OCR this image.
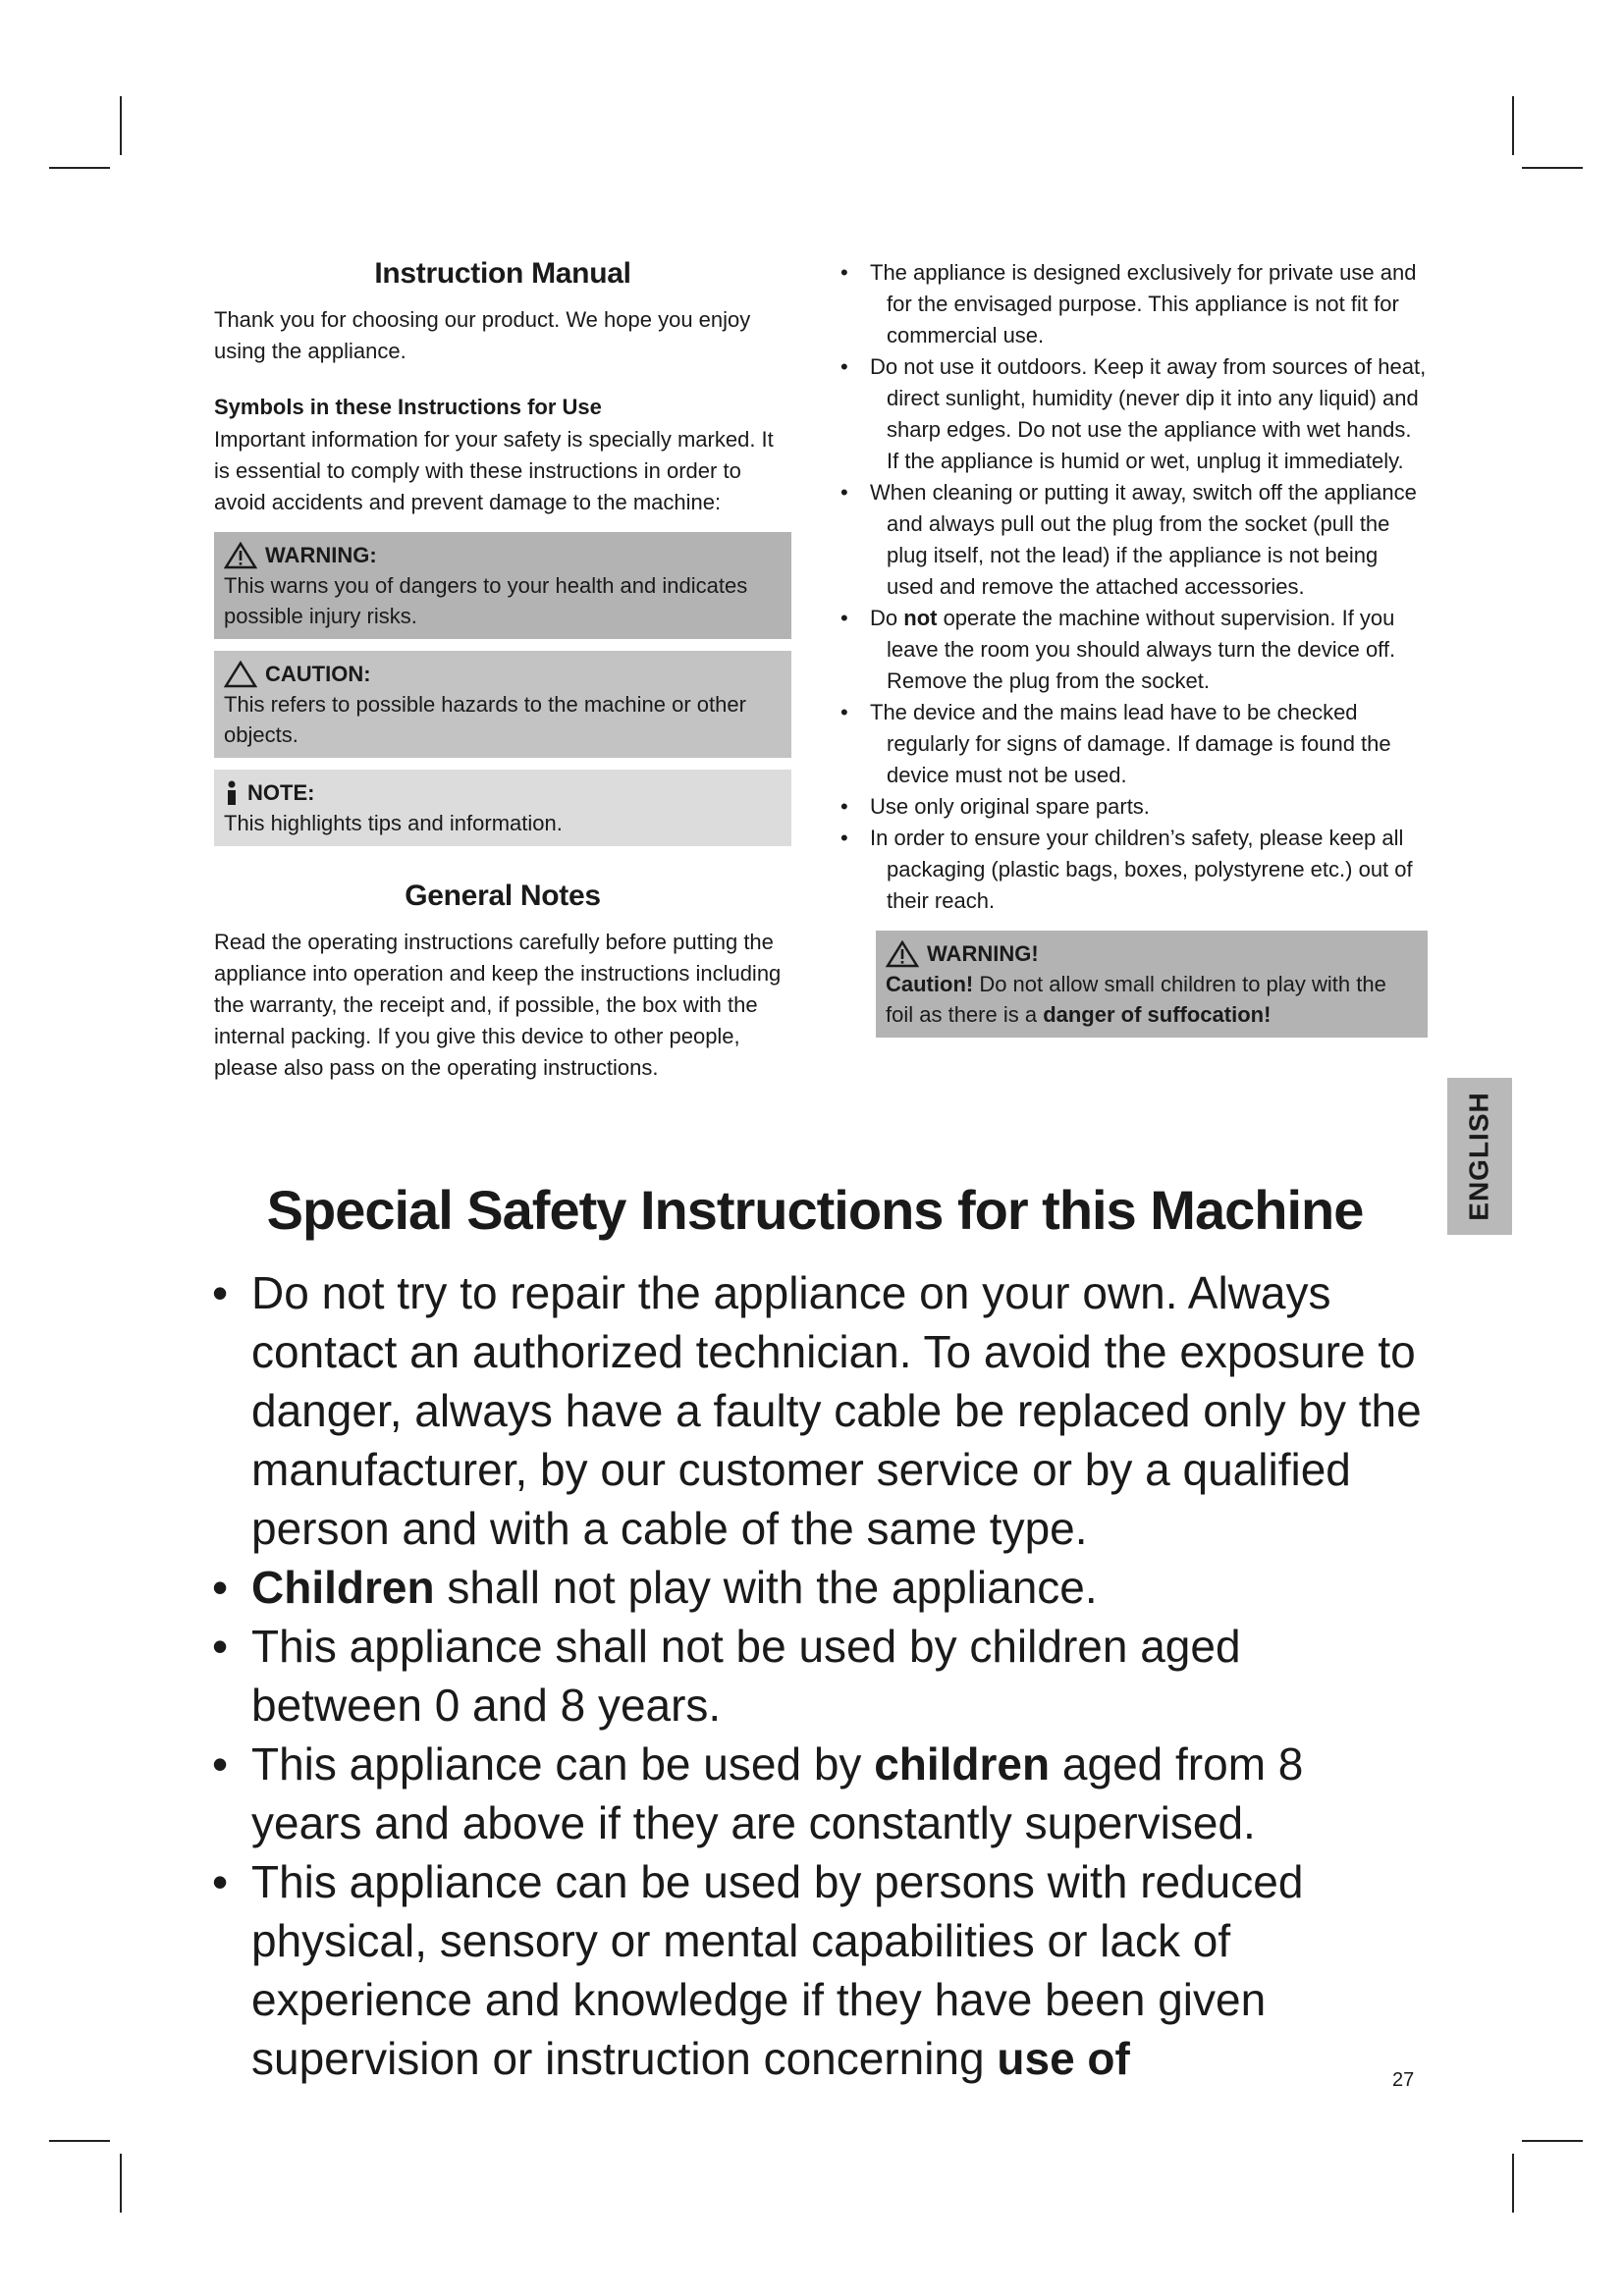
Instruction Manual

Thank you for choosing our product. We hope you enjoy using the appliance.

Symbols in these Instructions for Use

Important information for your safety is specially marked. It is essential to comply with these instructions in order to avoid accidents and prevent damage to the machine:

WARNING:
This warns you of dangers to your health and indicates possible injury risks.
CAUTION:
This refers to possible hazards to the machine or other objects.
NOTE:
This highlights tips and information.
General Notes

Read the operating instructions carefully before putting the appliance into operation and keep the instructions including the warranty, the receipt and, if possible, the box with the internal packing. If you give this device to other people, please also pass on the operating instructions.

• The appliance is designed exclusively for private use and for the envisaged purpose. This appliance is not fit for commercial use.
• Do not use it outdoors. Keep it away from sources of heat, direct sunlight, humidity (never dip it into any liquid) and sharp edges. Do not use the appliance with wet hands. If the appliance is humid or wet, unplug it immediately.
• When cleaning or putting it away, switch off the appliance and always pull out the plug from the socket (pull the plug itself, not the lead) if the appliance is not being used and remove the attached accessories.
• Do not operate the machine without supervision. If you leave the room you should always turn the device off. Remove the plug from the socket.
• The device and the mains lead have to be checked regularly for signs of damage. If damage is found the device must not be used.
• Use only original spare parts.
• In order to ensure your children’s safety, please keep all packaging (plastic bags, boxes, polystyrene etc.) out of their reach.
WARNING!
Caution! Do not allow small children to play with the foil as there is a danger of suffocation!
ENGLISH
Special Safety Instructions for this Machine
• Do not try to repair the appliance on your own. Always contact an authorized technician. To avoid the exposure to danger, always have a faulty cable be replaced only by the manufacturer, by our customer service or by a qualified person and with a cable of the same type.
• Children shall not play with the appliance.
• This appliance shall not be used by children aged between 0 and 8 years.
• This appliance can be used by children aged from 8 years and above if they are constantly supervised.
• This appliance can be used by persons with reduced physical, sensory or mental capabilities or lack of experience and knowledge if they have been given supervision or instruction concerning use of	27
